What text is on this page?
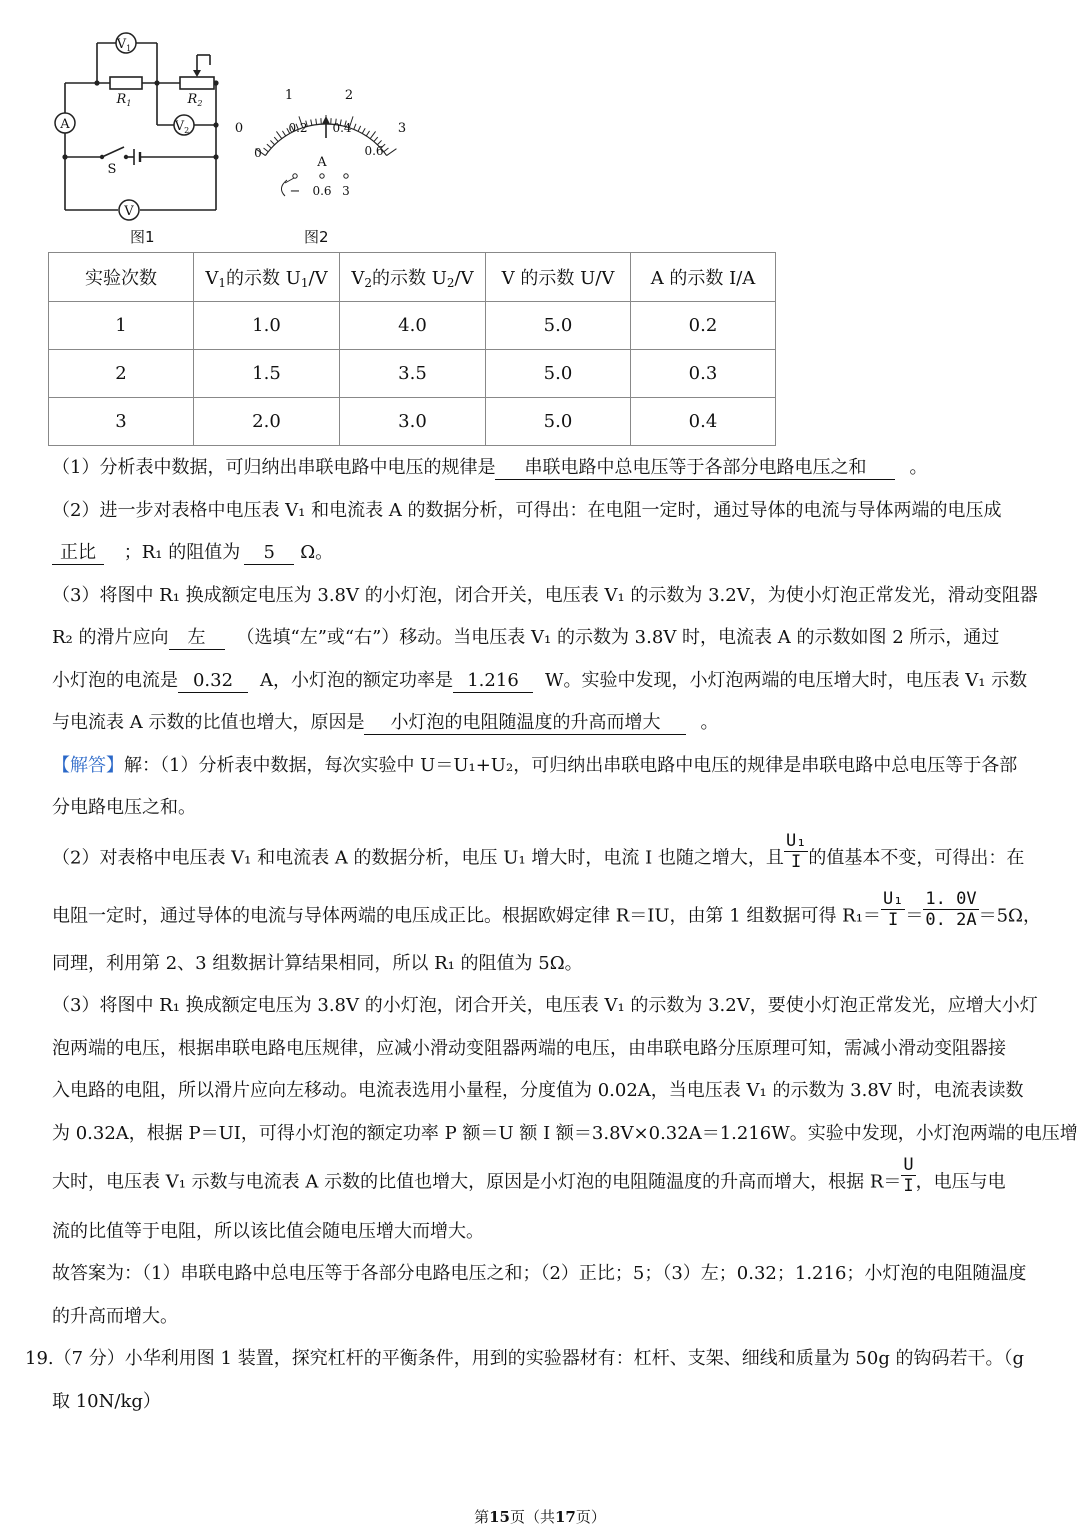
$V_1$
$V_2$
A
V
$R_1$	$R_2$
S
图1
0
1	2
3
0
0.2 0.4
0.6
A
− 0.6 3
图2
实验次数	$V_1$的示数 $U_1/V$	$V_2$的示数 $U_2/V$	V 的示数 U/V	A 的示数 I/A
1	1.0	4.0	5.0	0.2
2	1.5	3.5	5.0	0.3
3	2.0	3.0	5.0	0.4
（1）分析表中数据，可归纳出串联电路中电压的规律是 串联电路中总电压等于各部分电路电压之和 。
（2）进一步对表格中电压表 V₁ 和电流表 A 的数据分析，可得出：在电阻一定时，通过导体的电流与导体两端的电压成
正比 ；R₁ 的阻值为 5 Ω。
（3）将图中 R₁ 换成额定电压为 3.8V 的小灯泡，闭合开关，电压表 V₁ 的示数为 3.2V，为使小灯泡正常发光，滑动变阻器
R₂ 的滑片应向 左 （选填“左”或“右”）移动。当电压表 V₁ 的示数为 3.8V 时，电流表 A 的示数如图 2 所示，通过
小灯泡的电流是 0.32 A，小灯泡的额定功率是 1.216 W。实验中发现，小灯泡两端的电压增大时，电压表 V₁ 示数
与电流表 A 示数的比值也增大，原因是 小灯泡的电阻随温度的升高而增大 。
【解答】解：（1）分析表中数据，每次实验中 U＝U₁+U₂，可归纳出串联电路中电压的规律是串联电路中总电压等于各部
分电路电压之和。
（2）对表格中电压表 V₁ 和电流表 A 的数据分析，电压 U₁ 增大时，电流 I 也随之增大，且 $\frac{\text{U₁}}{I}$ 的值基本不变，可得出：在
电阻一定时，通过导体的电流与导体两端的电压成正比。根据欧姆定律 R＝IU，由第 1 组数据可得 $R_1= \frac{\text{U₁}}{I} = \frac{1. 0V}{0. 2A} =5\Omega$，
同理，利用第 2、3 组数据计算结果相同，所以 R₁ 的阻值为 5Ω。
（3）将图中 R₁ 换成额定电压为 3.8V 的小灯泡，闭合开关，电压表 V₁ 的示数为 3.2V，要使小灯泡正常发光，应增大小灯
泡两端的电压，根据串联电路电压规律，应减小滑动变阻器两端的电压，由串联电路分压原理可知，需减小滑动变阻器接
入电路的电阻，所以滑片应向左移动。电流表选用小量程，分度值为 0.02A，当电压表 V₁ 的示数为 3.8V 时，电流表读数
为 0.32A，根据 P＝UI，可得小灯泡的额定功率 P 额＝U 额 I 额＝3.8V×0.32A＝1.216W。实验中发现，小灯泡两端的电压增
大时，电压表 V₁ 示数与电流表 A 示数的比值也增大，原因是小灯泡的电阻随温度的升高而增大，根据 $R= \frac{U}{I}$ ，电压与电
流的比值等于电阻，所以该比值会随电压增大而增大。
故答案为：（1）串联电路中总电压等于各部分电路电压之和；（2）正比；5；（3）左；0.32；1.216；小灯泡的电阻随温度
的升高而增大。
19.（7 分）小华利用图 1 装置，探究杠杆的平衡条件，用到的实验器材有：杠杆、支架、细线和质量为 50g 的钩码若干。（g
取 10N/kg）
第15页（共17页）
